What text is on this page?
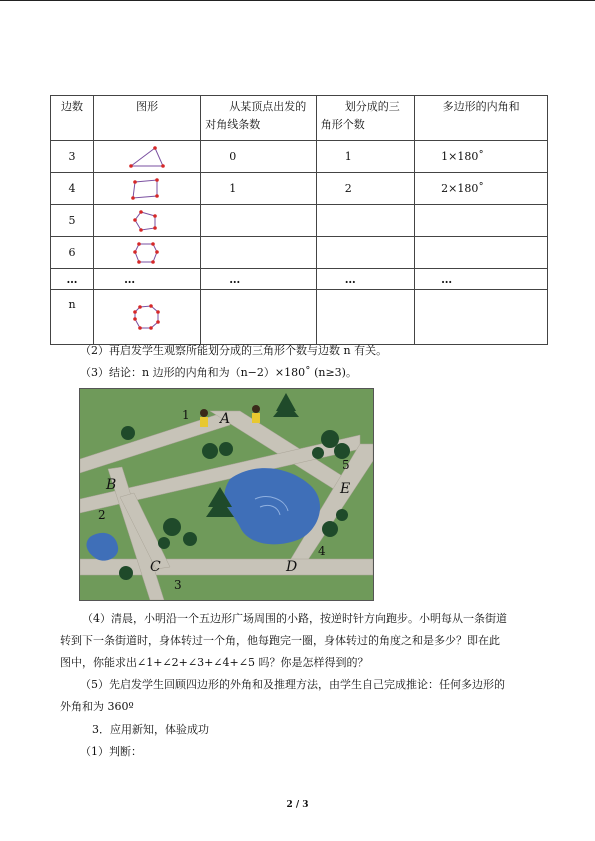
边数	图形	从某顶点出发的对角线条数	划分成的三角形个数	多边形的内角和
3		0	1	1×180˚
4		1	2	2×180˚
5	

6	

…	…	…	…	…
n	

（2）再启发学生观察所能划分成的三角形个数与边数 n 有关。
（3）结论：n 边形的内角和为（n−2）×180˚ (n≥3)。
A
B
C	D
E
1
2
3
4
5
（4）清晨，小明沿一个五边形广场周围的小路，按逆时针方向跑步。小明每从一条街道
转到下一条街道时，身体转过一个角，他每跑完一圈，身体转过的角度之和是多少？即在此
图中，你能求出∠1+∠2+∠3+∠4+∠5 吗？你是怎样得到的？
（5）先启发学生回顾四边形的外角和及推理方法，由学生自己完成推论：任何多边形的
外角和为 360º
3．应用新知，体验成功
（1）判断：
2 / 3
